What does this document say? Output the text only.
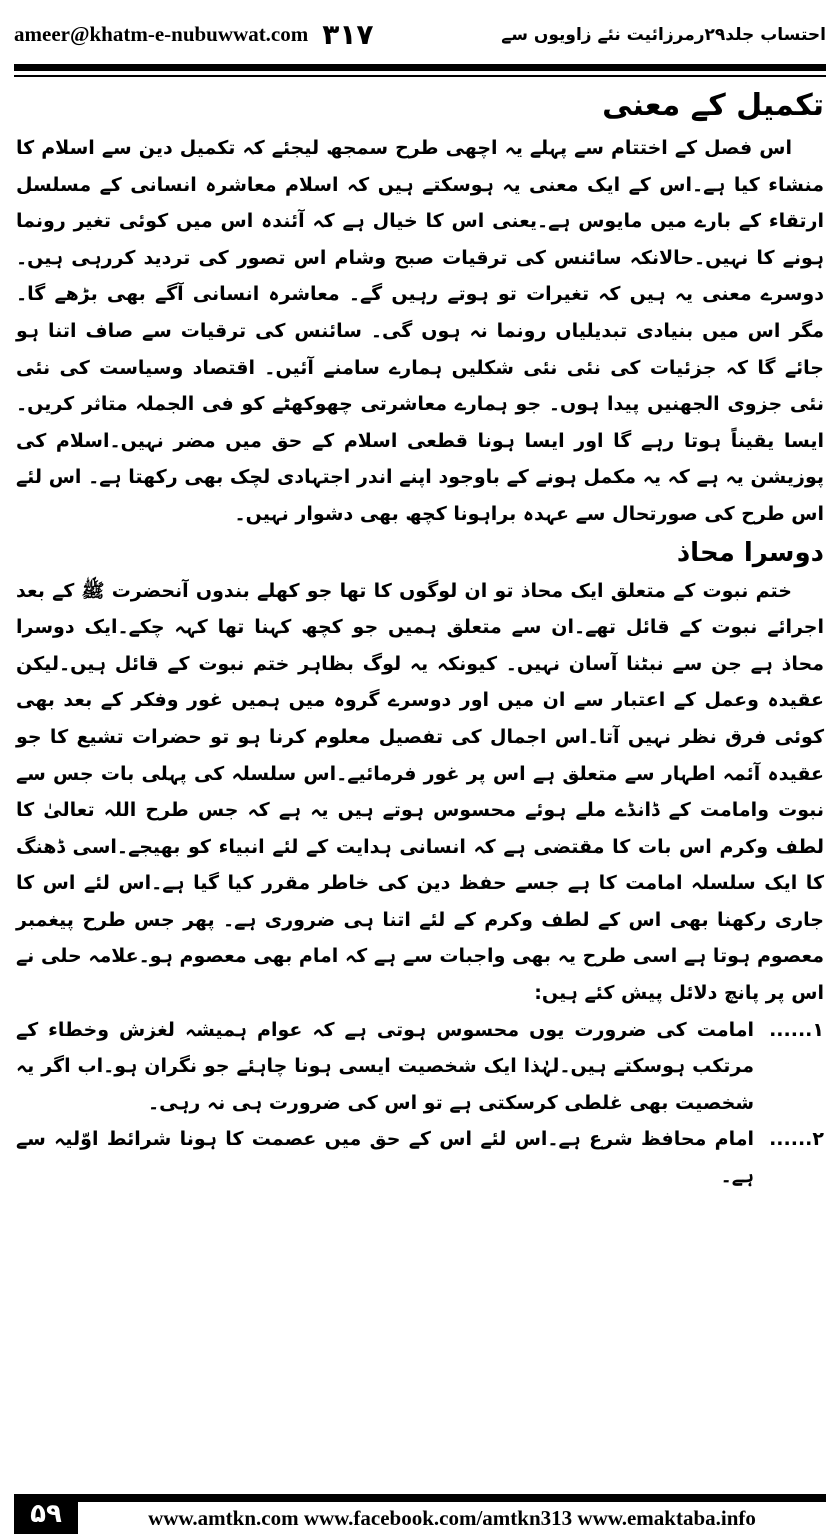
ameer@khatm-e-nubuwwat.com ۳۱۷	احتساب جلد۲۹رمرزائیت نئے زاویوں سے
تکمیل کے معنی

اس فصل کے اختتام سے پہلے یہ اچھی طرح سمجھ لیجئے کہ تکمیل دین سے اسلام کا منشاء کیا ہے۔اس کے ایک معنی یہ ہوسکتے ہیں کہ اسلام معاشرہ انسانی کے مسلسل ارتقاء کے بارے میں مایوس ہے۔یعنی اس کا خیال ہے کہ آئندہ اس میں کوئی تغیر رونما ہونے کا نہیں۔حالانکہ سائنس کی ترقیات صبح وشام اس تصور کی تردید کررہی ہیں۔ دوسرے معنی یہ ہیں کہ تغیرات تو ہوتے رہیں گے۔ معاشرہ انسانی آگے بھی بڑھے گا۔ مگر اس میں بنیادی تبدیلیاں رونما نہ ہوں گی۔ سائنس کی ترقیات سے صاف اتنا ہو جائے گا کہ جزئیات کی نئی نئی شکلیں ہمارے سامنے آئیں۔ اقتصاد وسیاست کی نئی نئی جزوی الجھنیں پیدا ہوں۔ جو ہمارے معاشرتی چھوکھٹے کو فی الجملہ متاثر کریں۔ایسا یقیناً ہوتا رہے گا اور ایسا ہونا قطعی اسلام کے حق میں مضر نہیں۔اسلام کی پوزیشن یہ ہے کہ یہ مکمل ہونے کے باوجود اپنے اندر اجتہادی لچک بھی رکھتا ہے۔ اس لئے اس طرح کی صورتحال سے عہدہ براہونا کچھ بھی دشوار نہیں۔

دوسرا محاذ

ختم نبوت کے متعلق ایک محاذ تو ان لوگوں کا تھا جو کھلے بندوں آنحضرت ﷺ کے بعد اجرائے نبوت کے قائل تھے۔ان سے متعلق ہمیں جو کچھ کہنا تھا کہہ چکے۔ایک دوسرا محاذ ہے جن سے نبٹنا آسان نہیں۔ کیونکہ یہ لوگ بظاہر ختم نبوت کے قائل ہیں۔لیکن عقیدہ وعمل کے اعتبار سے ان میں اور دوسرے گروہ میں ہمیں غور وفکر کے بعد بھی کوئی فرق نظر نہیں آتا۔اس اجمال کی تفصیل معلوم کرنا ہو تو حضرات تشیع کا جو عقیدہ آئمہ اطہار سے متعلق ہے اس پر غور فرمائیے۔اس سلسلہ کی پہلی بات جس سے نبوت وامامت کے ڈانڈے ملے ہوئے محسوس ہوتے ہیں یہ ہے کہ جس طرح اللہ تعالیٰ کا لطف وکرم اس بات کا مقتضی ہے کہ انسانی ہدایت کے لئے انبیاء کو بھیجے۔اسی ڈھنگ کا ایک سلسلہ امامت کا ہے جسے حفظ دین کی خاطر مقرر کیا گیا ہے۔اس لئے اس کا جاری رکھنا بھی اس کے لطف وکرم کے لئے اتنا ہی ضروری ہے۔ پھر جس طرح پیغمبر معصوم ہوتا ہے اسی طرح یہ بھی واجبات سے ہے کہ امام بھی معصوم ہو۔علامہ حلی نے اس پر پانچ دلائل پیش کئے ہیں:

۱......
امامت کی ضرورت یوں محسوس ہوتی ہے کہ عوام ہمیشہ لغزش وخطاء کے مرتکب ہوسکتے ہیں۔لہٰذا ایک شخصیت ایسی ہونا چاہئے جو نگران ہو۔اب اگر یہ شخصیت بھی غلطی کرسکتی ہے تو اس کی ضرورت ہی نہ رہی۔
۲......
امام محافظ شرع ہے۔اس لئے اس کے حق میں عصمت کا ہونا شرائط اوّلیہ سے ہے۔
۵۹	www.amtkn.com www.facebook.com/amtkn313 www.emaktaba.info
